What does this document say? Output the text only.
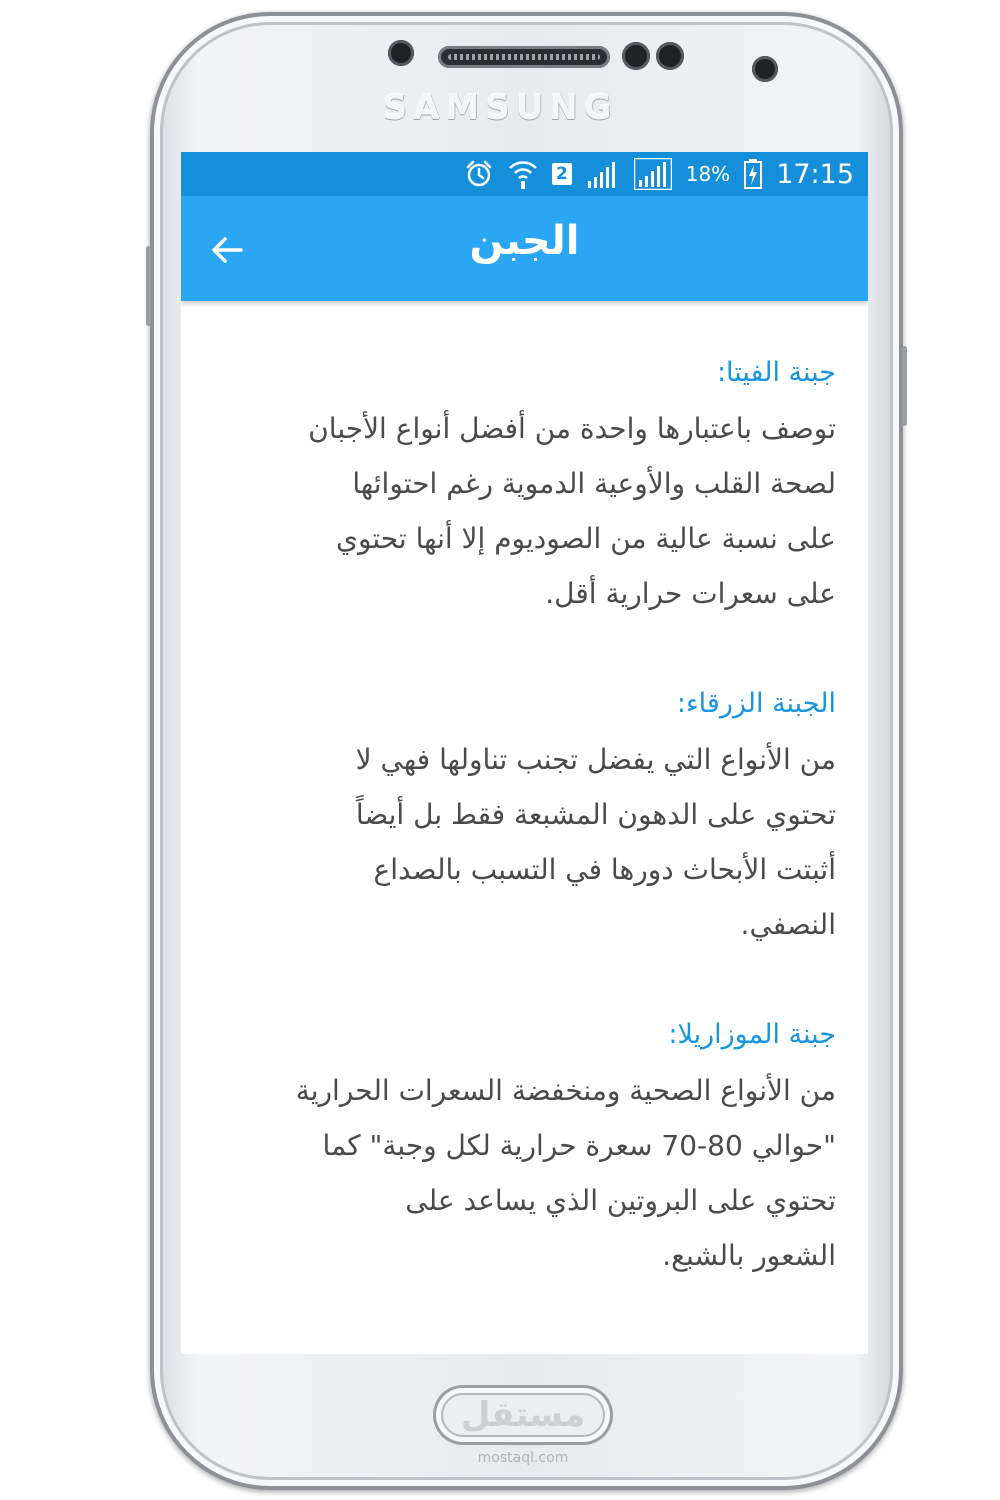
SAMSUNG
2	18% 17:15
الجبن
جبنة الفيتا:
توصف باعتبارها واحدة من أفضل أنواع الأجبان
لصحة القلب والأوعية الدموية رغم احتوائها
على نسبة عالية من الصوديوم إلا أنها تحتوي
على سعرات حرارية أقل.
الجبنة الزرقاء:
من الأنواع التي يفضل تجنب تناولها فهي لا
تحتوي على الدهون المشبعة فقط بل أيضاً
أثبتت الأبحاث دورها في التسبب بالصداع
النصفي.
جبنة الموزاريلا:
من الأنواع الصحية ومنخفضة السعرات الحرارية
"حوالي 80-70 سعرة حرارية لكل وجبة" كما
تحتوي على البروتين الذي يساعد على
الشعور بالشبع.
مستقل
mostaql.com
